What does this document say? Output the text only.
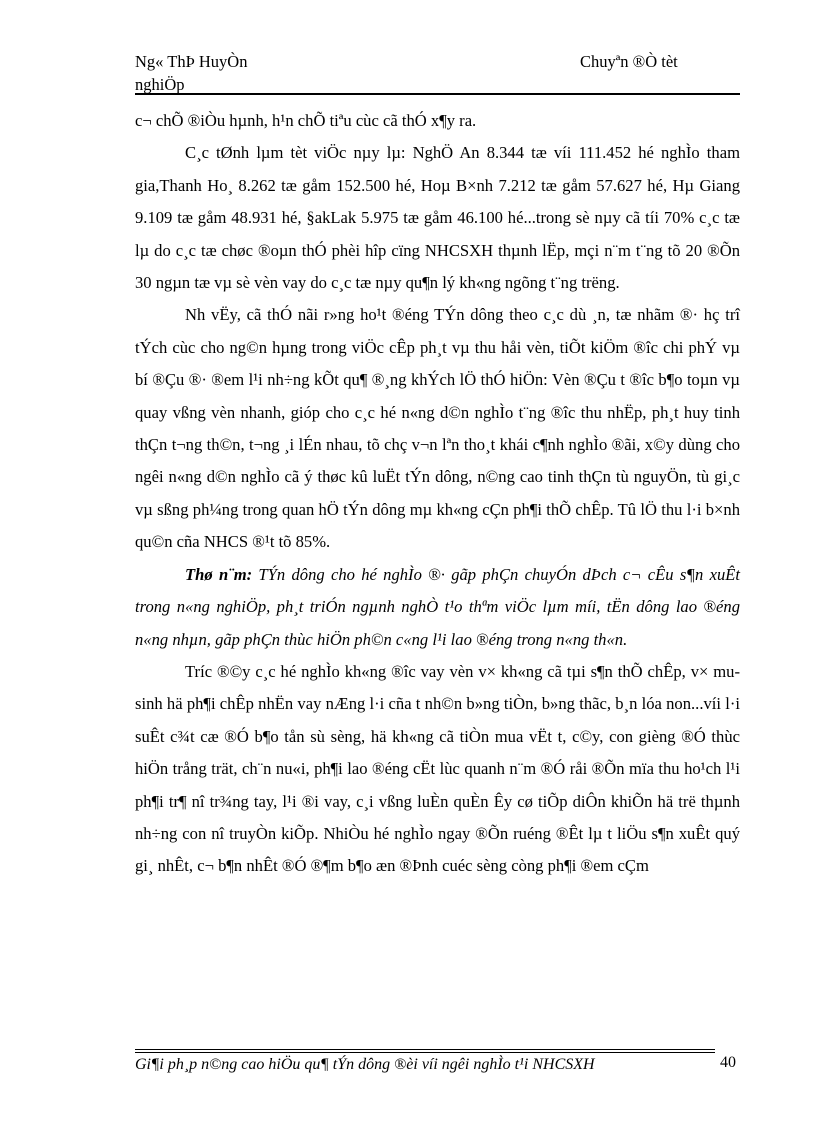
Ng« ThÞ HuyÒn
nghiÖp
Chuyªn ®Ò tèt

c¬ chÕ ®iÒu hµnh, h¹n chÕ tiªu cùc cã thÓ x¶y ra.

C¸c tØnh lµm tèt viÖc nµy lµ: NghÖ An 8.344 tæ víi 111.452 hé nghÌo tham gia,Thanh Ho¸ 8.262 tæ gåm 152.500 hé, Hoµ B×nh 7.212 tæ gåm 57.627 hé, Hµ Giang 9.109 tæ gåm 48.931 hé, §akLak 5.975 tæ gåm 46.100 hé...trong sè nµy cã tíi 70% c¸c tæ lµ do c¸c tæ chøc ®oµn thÓ phèi hîp cïng NHCSXH thµnh lËp, mçi n¨m t¨ng tõ 20 ®Õn 30 ngµn tæ vµ sè vèn vay do c¸c tæ nµy qu¶n lý kh«ng ngõng t¨ng trëng.

Nh vËy, cã thÓ nãi r»ng ho¹t ®éng TÝn dông theo c¸c dù ¸n, tæ nhãm ®· hç trî tÝch cùc cho ng©n hµng trong viÖc cÊp ph¸t vµ thu håi vèn, tiÕt kiÖm ®îc chi phÝ vµ bí ®Çu ®· ®em l¹i nh÷ng kÕt qu¶ ®¸ng khÝch lÖ thÓ hiÖn: Vèn ®Çu t ®îc b¶o toµn vµ quay vßng vèn nhanh, gióp cho c¸c hé n«ng d©n nghÌo t¨ng ®îc thu nhËp, ph¸t huy tinh thÇn t¬ng th©n, t¬ng ¸i lÉn nhau, tõ chç v¬n lªn tho¸t khái c¶nh nghÌo ®ãi, x©y dùng cho ngêi n«ng d©n nghÌo cã ý thøc kû luËt tÝn dông, n©ng cao tinh thÇn tù nguyÖn, tù gi¸c vµ sßng ph¼ng trong quan hÖ tÝn dông mµ kh«ng cÇn ph¶i thÕ chÊp. Tû lÖ thu l·i b×nh qu©n cña NHCS ®¹t tõ 85%.

Thø n¨m: TÝn dông cho hé nghÌo ®· gãp phÇn chuyÓn dÞch c¬ cÊu s¶n xuÊt trong n«ng nghiÖp, ph¸t triÓn ngµnh nghÒ t¹o thªm viÖc lµm míi, tËn dông lao ®éng n«ng nhµn, gãp phÇn thùc hiÖn ph©n c«ng l¹i lao ®éng trong n«ng th«n.

Tríc ®©y c¸c hé nghÌo kh«ng ®îc vay vèn v× kh«ng cã tµi s¶n thÕ chÊp, v× mu sinh hä ph¶i chÊp nhËn vay nÆng l·i cña t nh©n b»ng tiÒn, b»ng thãc, b¸n lóa non...víi l·i suÊt c¾t cæ ®Ó b¶o tån sù sèng, hä kh«ng cã tiÒn mua vËt t, c©y, con gièng ®Ó thùc hiÖn trång trät, ch¨n nu«i, ph¶i lao ®éng cËt lùc quanh n¨m ®Ó råi ®Õn mïa thu ho¹ch l¹i ph¶i tr¶ nî tr¾ng tay, l¹i ®i vay, c¸i vßng luÈn quÈn Êy cø tiÕp diÔn khiÕn hä trë thµnh nh÷ng con nî truyÒn kiÕp. NhiÒu hé nghÌo ngay ®Õn ruéng ®Êt lµ t liÖu s¶n xuÊt quý gi¸ nhÊt, c¬ b¶n nhÊt ®Ó ®¶m b¶o æn ®Þnh cuéc sèng còng ph¶i ®em cÇm

Gi¶i ph¸p n©ng cao hiÖu qu¶ tÝn dông ®èi víi ngêi nghÌo t¹i NHCSXH	40
